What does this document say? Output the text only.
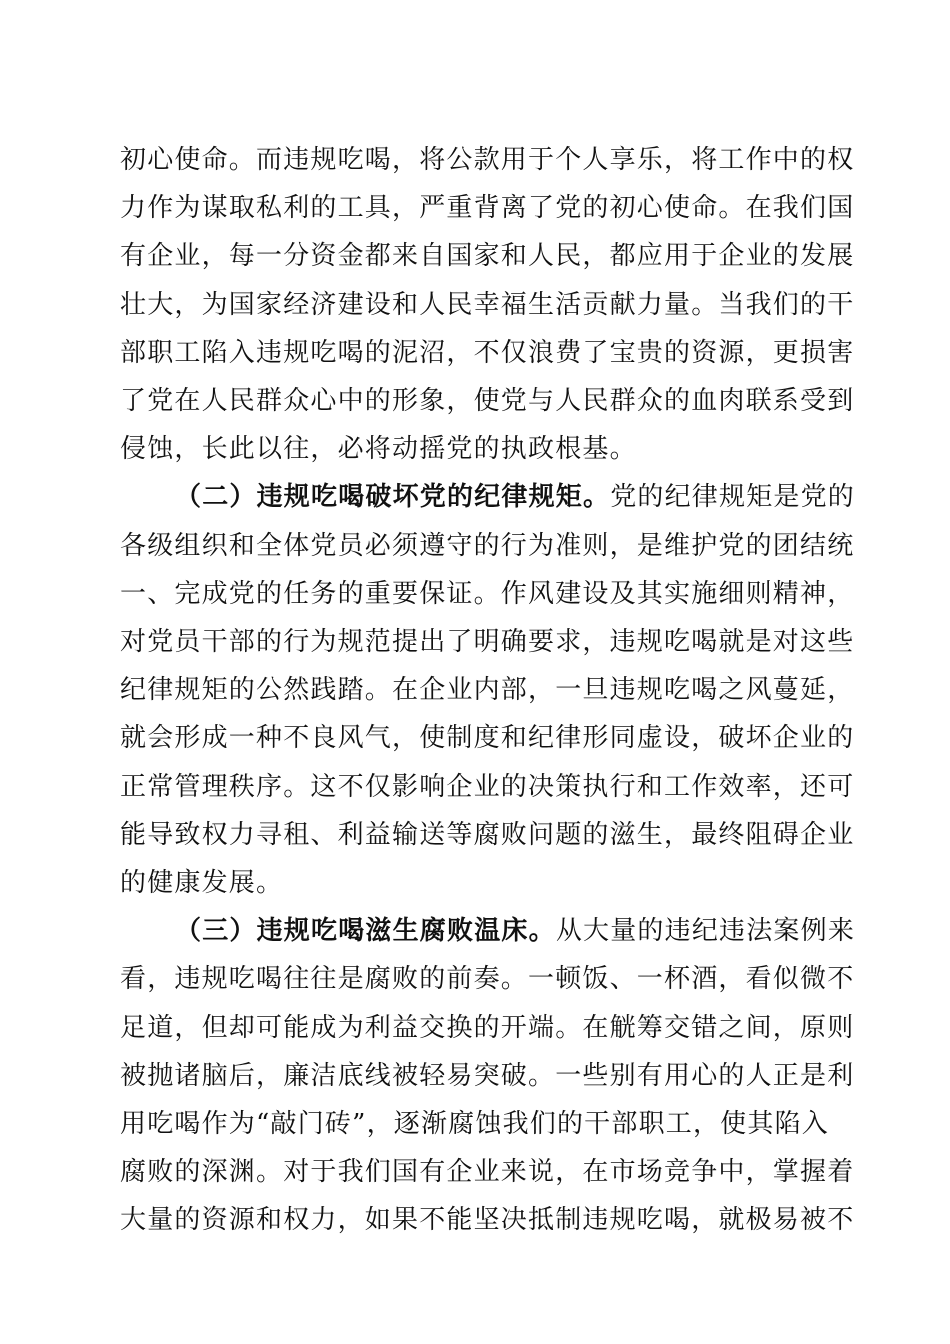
初心使命。而违规吃喝，将公款用于个人享乐，将工作中的权
力作为谋取私利的工具，严重背离了党的初心使命。在我们国
有企业，每一分资金都来自国家和人民，都应用于企业的发展
壮大，为国家经济建设和人民幸福生活贡献力量。当我们的干
部职工陷入违规吃喝的泥沼，不仅浪费了宝贵的资源，更损害
了党在人民群众心中的形象，使党与人民群众的血肉联系受到
侵蚀，长此以往，必将动摇党的执政根基。
（二）违规吃喝破坏党的纪律规矩。党的纪律规矩是党的
各级组织和全体党员必须遵守的行为准则，是维护党的团结统
一、完成党的任务的重要保证。作风建设及其实施细则精神，
对党员干部的行为规范提出了明确要求，违规吃喝就是对这些
纪律规矩的公然践踏。在企业内部，一旦违规吃喝之风蔓延，
就会形成一种不良风气，使制度和纪律形同虚设，破坏企业的
正常管理秩序。这不仅影响企业的决策执行和工作效率，还可
能导致权力寻租、利益输送等腐败问题的滋生，最终阻碍企业
的健康发展。
（三）违规吃喝滋生腐败温床。从大量的违纪违法案例来
看，违规吃喝往往是腐败的前奏。一顿饭、一杯酒，看似微不
足道，但却可能成为利益交换的开端。在觥筹交错之间，原则
被抛诸脑后，廉洁底线被轻易突破。一些别有用心的人正是利
用吃喝作为“敲门砖”，逐渐腐蚀我们的干部职工，使其陷入
腐败的深渊。对于我们国有企业来说，在市场竞争中，掌握着
大量的资源和权力，如果不能坚决抵制违规吃喝，就极易被不
